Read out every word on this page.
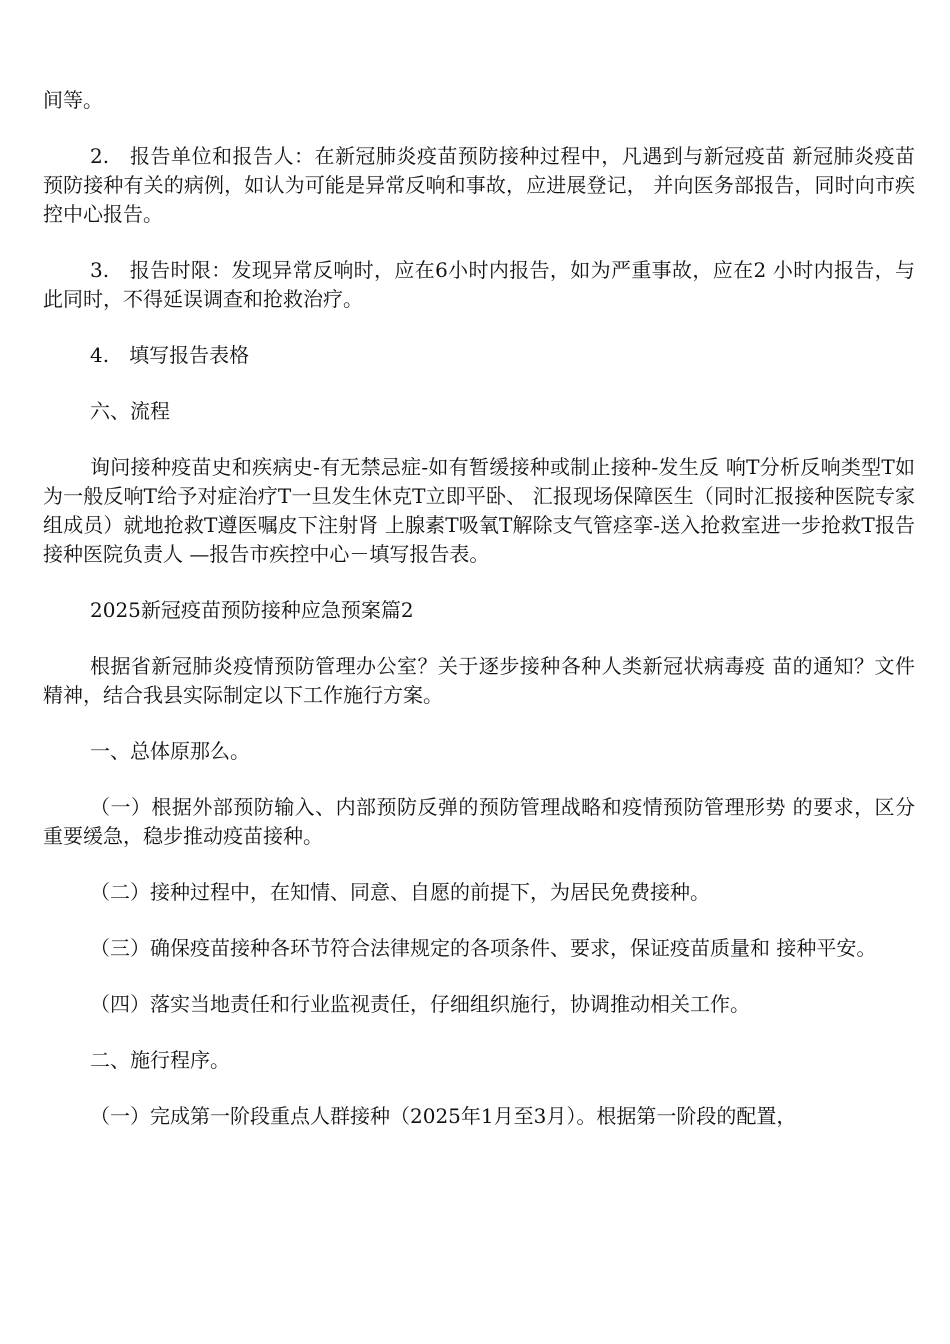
间等。

2.　报告单位和报告人：在新冠肺炎疫苗预防接种过程中，凡遇到与新冠疫苗 新冠肺炎疫苗预防接种有关的病例，如认为可能是异常反响和事故，应进展登记， 并向医务部报告，同时向市疾控中心报告。

3.　报告时限：发现异常反响时，应在6小时内报告，如为严重事故，应在2 小时内报告，与此同时，不得延误调查和抢救治疗。

4.　填写报告表格

六、流程

询问接种疫苗史和疾病史-有无禁忌症-如有暂缓接种或制止接种-发生反 响T分析反响类型T如为一般反响T给予对症治疗T一旦发生休克T立即平卧、 汇报现场保障医生（同时汇报接种医院专家组成员）就地抢救T遵医嘱皮下注射肾 上腺素T吸氧T解除支气管痉挛-送入抢救室进一步抢救T报告接种医院负责人 —报告市疾控中心－填写报告表。

2025新冠疫苗预防接种应急预案篇2

根据省新冠肺炎疫情预防管理办公室？关于逐步接种各种人类新冠状病毒疫 苗的通知？文件精神，结合我县实际制定以下工作施行方案。

一、总体原那么。

（一）根据外部预防输入、内部预防反弹的预防管理战略和疫情预防管理形势 的要求，区分重要缓急，稳步推动疫苗接种。

（二）接种过程中，在知情、同意、自愿的前提下，为居民免费接种。

（三）确保疫苗接种各环节符合法律规定的各项条件、要求，保证疫苗质量和 接种平安。

（四）落实当地责任和行业监视责任，仔细组织施行，协调推动相关工作。

二、施行程序。

（一）完成第一阶段重点人群接种（2025年1月至3月）。根据第一阶段的配置，
